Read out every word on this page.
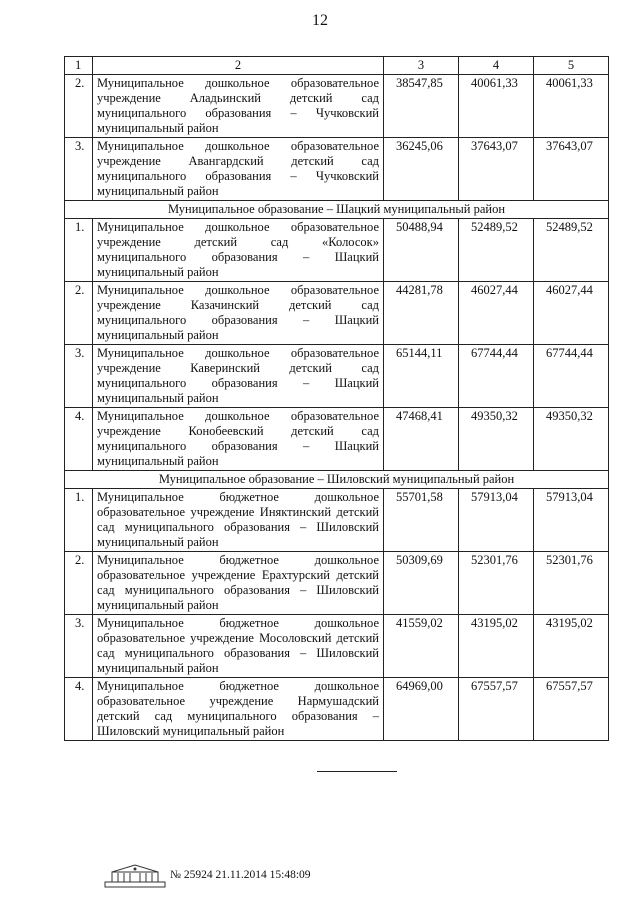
12
1	2	3	4	5
2.	Муниципальное дошкольное образовательное учреждение Аладьинский детский сад муниципального образования – Чучковский муниципальный район	38547,85	40061,33	40061,33
3.	Муниципальное дошкольное образовательное учреждение Авангардский детский сад муниципального образования – Чучковский муниципальный район	36245,06	37643,07	37643,07
Муниципальное образование – Шацкий муниципальный район				
1.	Муниципальное дошкольное образовательное учреждение детский сад «Колосок» муниципального образования – Шацкий муниципальный район	50488,94	52489,52	52489,52
2.	Муниципальное дошкольное образовательное учреждение Казачинский детский сад муниципального образования – Шацкий муниципальный район	44281,78	46027,44	46027,44
3.	Муниципальное дошкольное образовательное учреждение Каверинский детский сад муниципального образования – Шацкий муниципальный район	65144,11	67744,44	67744,44
4.	Муниципальное дошкольное образовательное учреждение Конобеевский детский сад муниципального образования – Шацкий муниципальный район	47468,41	49350,32	49350,32
Муниципальное образование – Шиловский муниципальный район				
1.	Муниципальное бюджетное дошкольное образовательное учреждение Иняктинский детский сад муниципального образования – Шиловский муниципальный район	55701,58	57913,04	57913,04
2.	Муниципальное бюджетное дошкольное образовательное учреждение Ерахтурский детский сад муниципального образования – Шиловский муниципальный район	50309,69	52301,76	52301,76
3.	Муниципальное бюджетное дошкольное образовательное учреждение Мосоловский детский сад муниципального образования – Шиловский муниципальный район	41559,02	43195,02	43195,02
4.	Муниципальное бюджетное дошкольное образовательное учреждение Нармушадский детский сад муниципального образования – Шиловский муниципальный район	64969,00	67557,57	67557,57
№ 25924 21.11.2014 15:48:09
